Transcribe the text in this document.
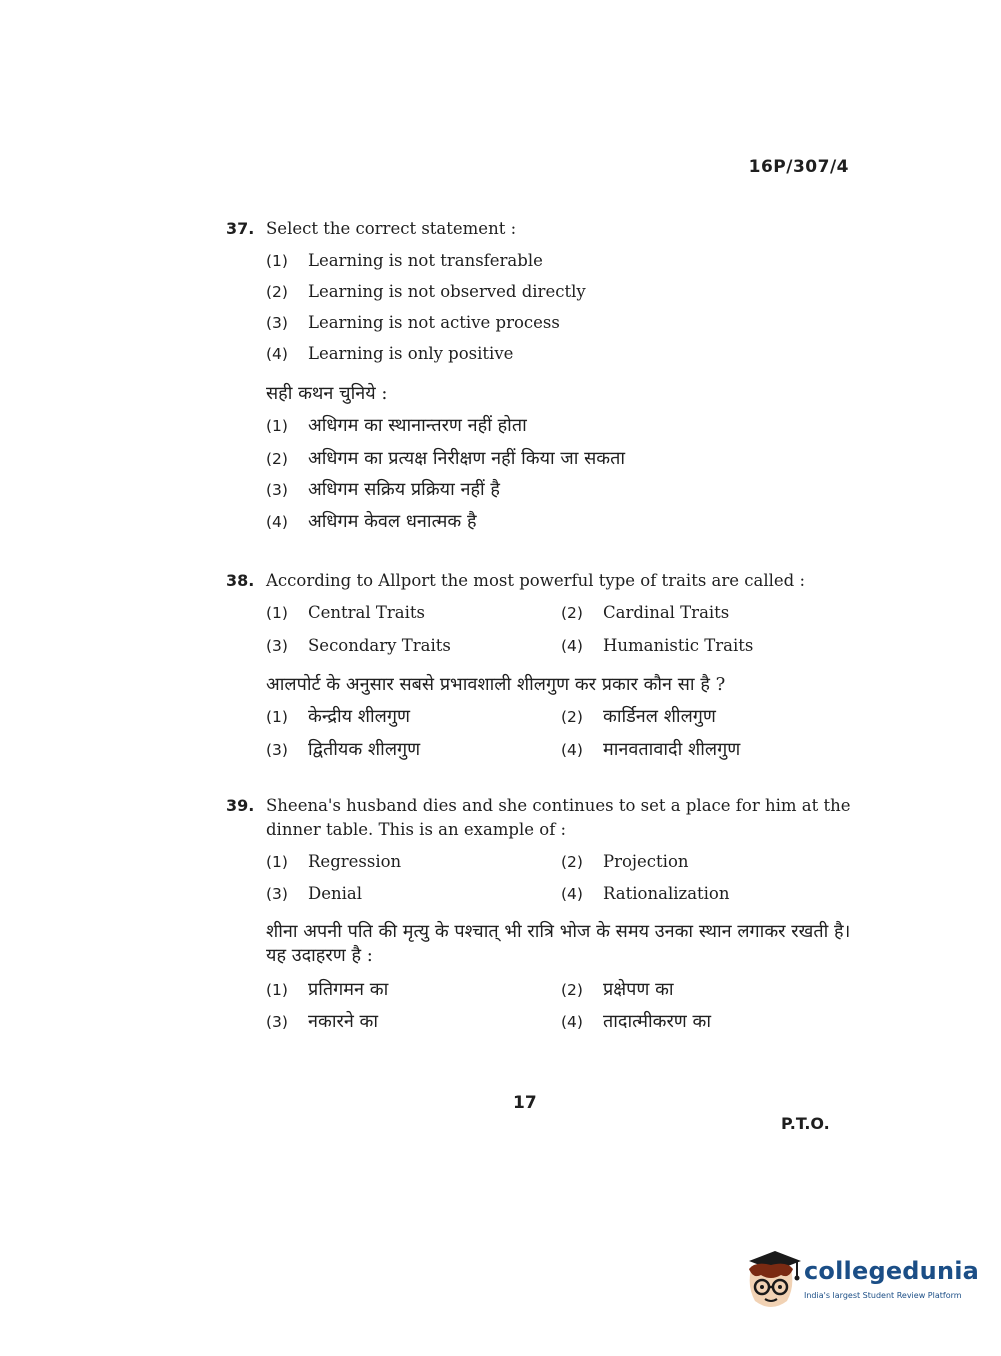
16P/307/4
37. Select the correct statement :
(1)	Learning is not transferable
(2)	Learning is not observed directly
(3)	Learning is not active process
(4)	Learning is only positive
सही कथन चुनिये :
(1)	अधिगम का स्थानान्तरण नहीं होता
(2)	अधिगम का प्रत्यक्ष निरीक्षण नहीं किया जा सकता
(3)	अधिगम सक्रिय प्रक्रिया नहीं है
(4)	अधिगम केवल धनात्मक है
38. According to Allport the most powerful type of traits are called :
(1)	Central Traits	(2)	Cardinal Traits
(3)	Secondary Traits	(4)	Humanistic Traits
आलपोर्ट के अनुसार सबसे प्रभावशाली शीलगुण कर प्रकार कौन सा है ?
(1)	केन्द्रीय शीलगुण	(2)	कार्डिनल शीलगुण
(3)	द्वितीयक शीलगुण	(4)	मानवतावादी शीलगुण
39. Sheena's husband dies and she continues to set a place for him at the dinner table. This is an example of :
(1)	Regression	(2)	Projection
(3)	Denial	(4)	Rationalization
शीना अपनी पति की मृत्यु के पश्चात् भी रात्रि भोज के समय उनका स्थान लगाकर रखती है। यह उदाहरण है :
(1)	प्रतिगमन का	(2)	प्रक्षेपण का
(3)	नकारने का	(4)	तादात्मीकरण का
17
P.T.O.
collegedunia
India's largest Student Review Platform
